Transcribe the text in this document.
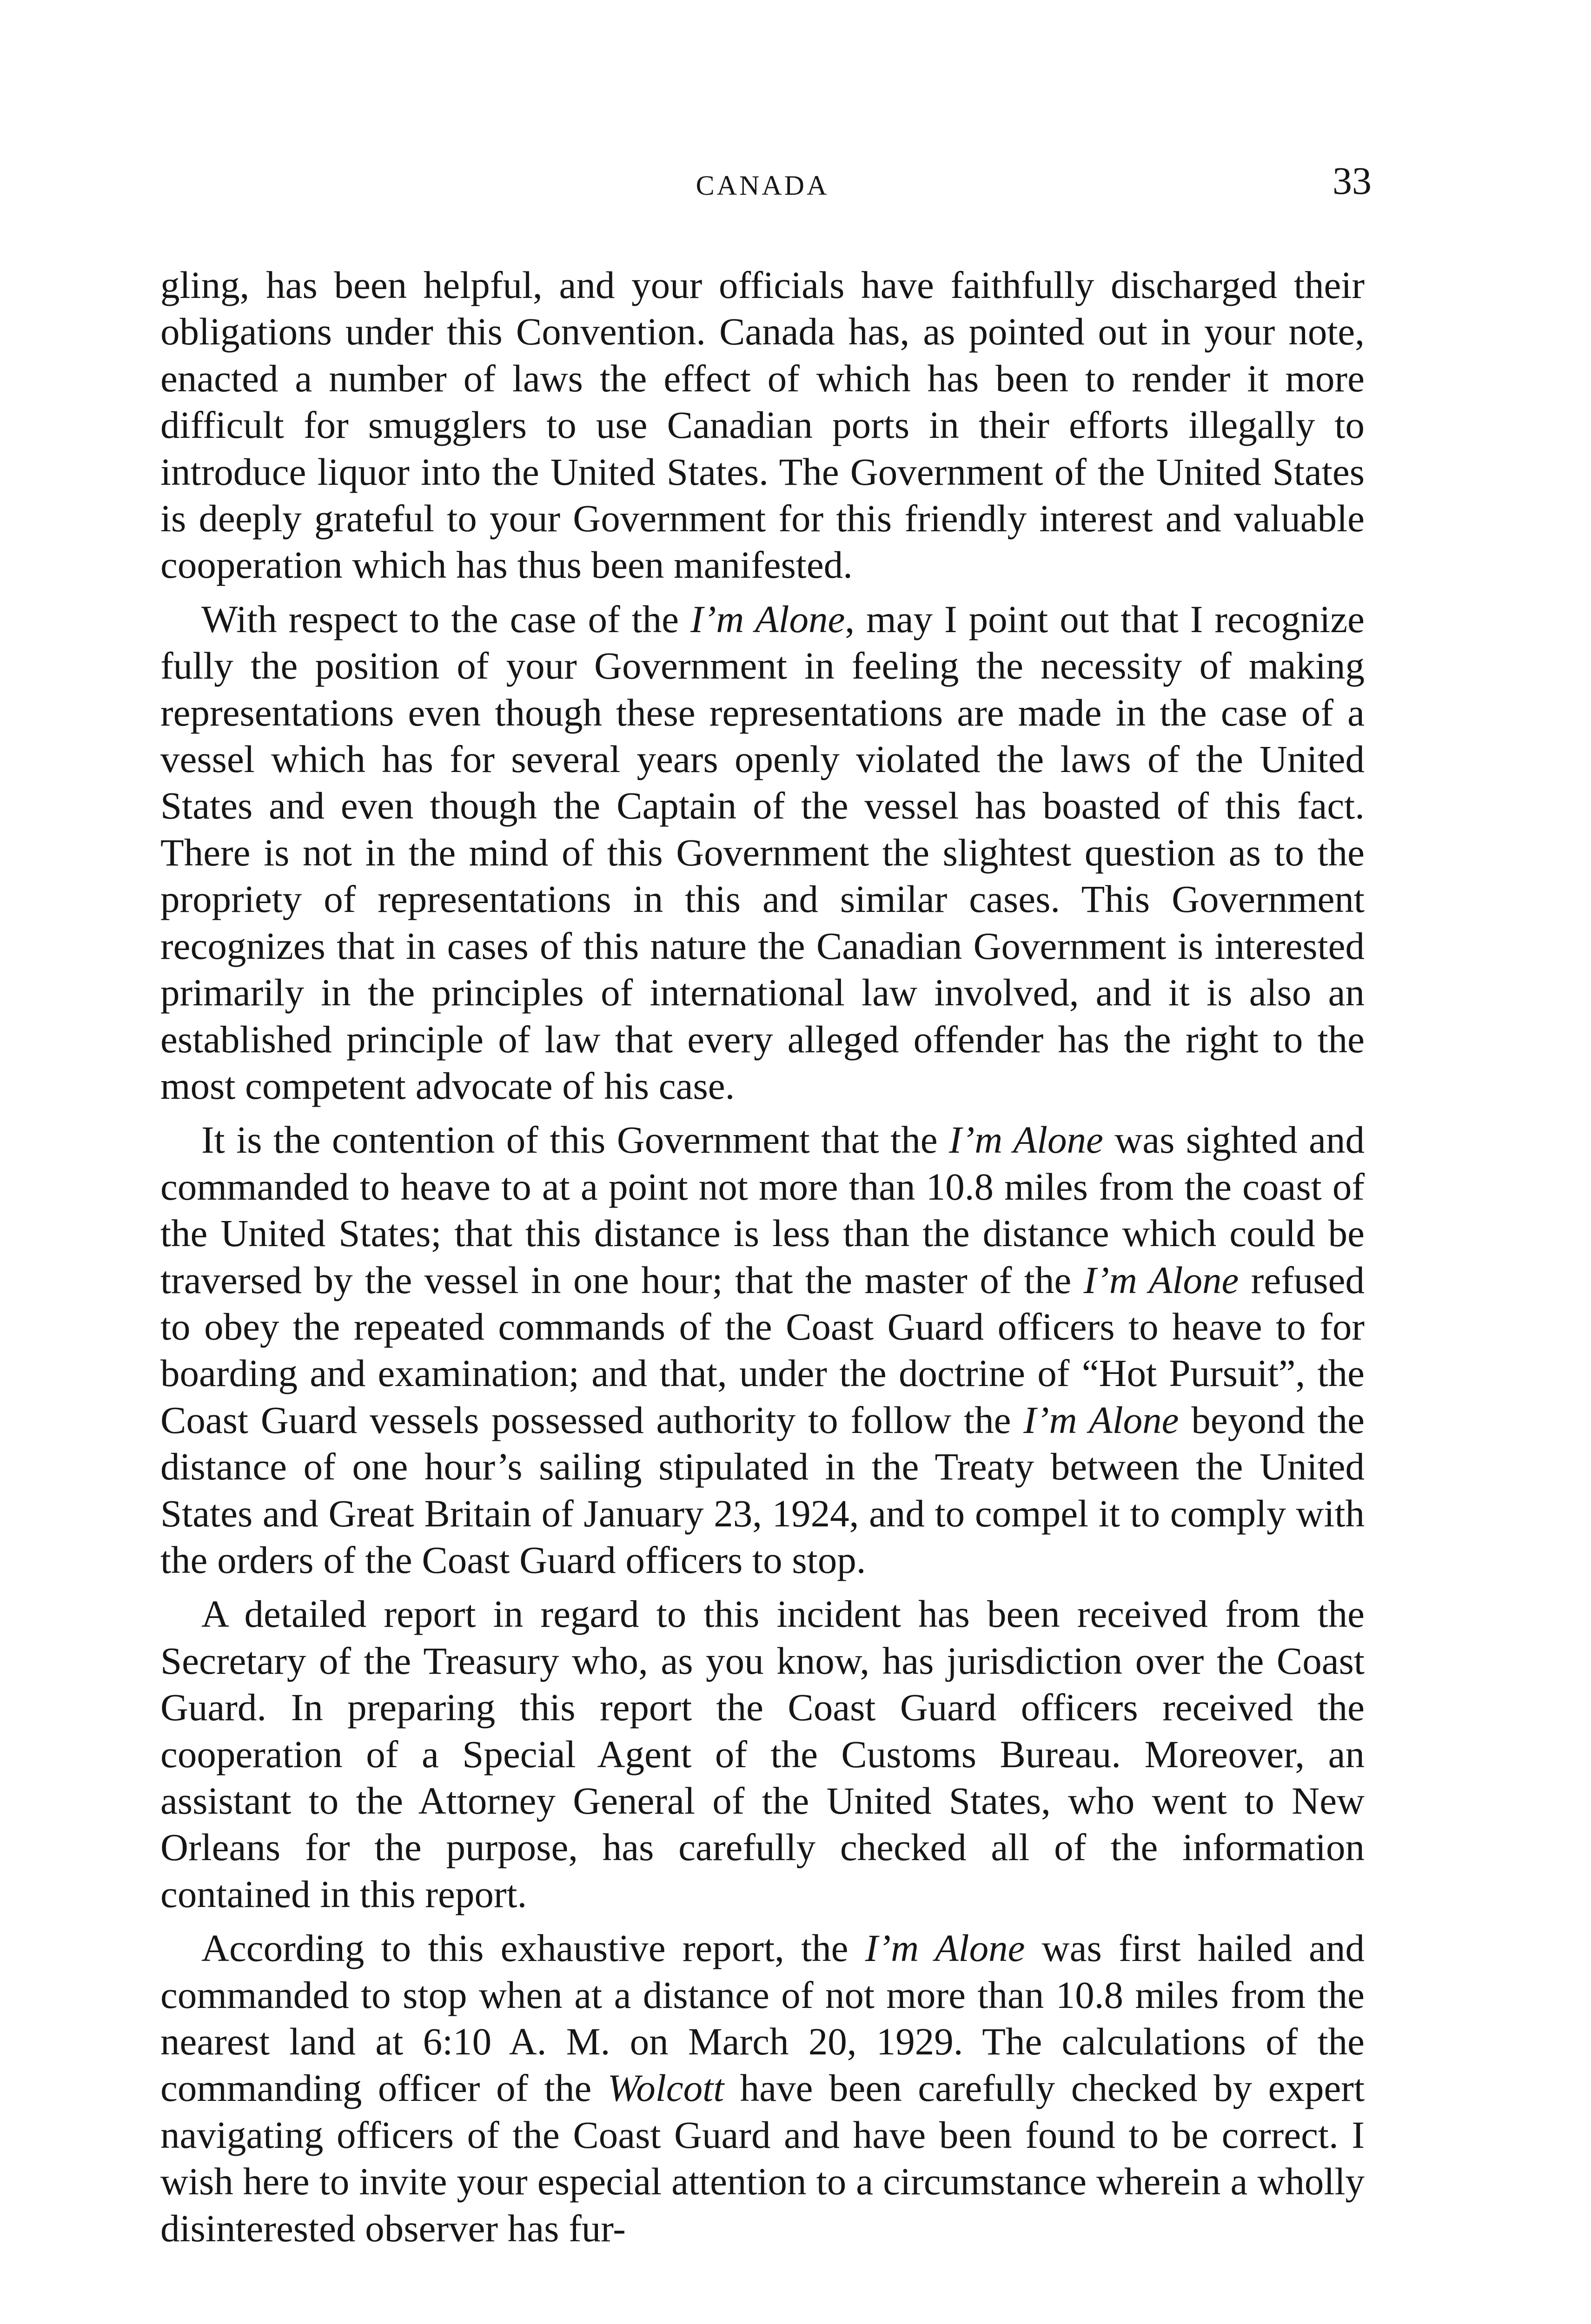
CANADA	33

gling, has been helpful, and your officials have faithfully discharged their obligations under this Convention. Canada has, as pointed out in your note, enacted a number of laws the effect of which has been to render it more difficult for smugglers to use Canadian ports in their efforts illegally to introduce liquor into the United States. The Government of the United States is deeply grateful to your Government for this friendly interest and valuable cooperation which has thus been manifested.

With respect to the case of the I’m Alone, may I point out that I recognize fully the position of your Government in feeling the necessity of making representations even though these representations are made in the case of a vessel which has for several years openly violated the laws of the United States and even though the Captain of the vessel has boasted of this fact. There is not in the mind of this Government the slightest question as to the propriety of representations in this and similar cases. This Government recognizes that in cases of this nature the Canadian Government is interested primarily in the principles of international law involved, and it is also an established principle of law that every alleged offender has the right to the most competent advocate of his case.

It is the contention of this Government that the I’m Alone was sighted and commanded to heave to at a point not more than 10.8 miles from the coast of the United States; that this distance is less than the distance which could be traversed by the vessel in one hour; that the master of the I’m Alone refused to obey the repeated commands of the Coast Guard officers to heave to for boarding and examination; and that, under the doctrine of “Hot Pursuit”, the Coast Guard vessels possessed authority to follow the I’m Alone beyond the distance of one hour’s sailing stipulated in the Treaty between the United States and Great Britain of January 23, 1924, and to compel it to comply with the orders of the Coast Guard officers to stop.

A detailed report in regard to this incident has been received from the Secretary of the Treasury who, as you know, has jurisdiction over the Coast Guard. In preparing this report the Coast Guard officers received the cooperation of a Special Agent of the Customs Bureau. Moreover, an assistant to the Attorney General of the United States, who went to New Orleans for the purpose, has carefully checked all of the information contained in this report.

According to this exhaustive report, the I’m Alone was first hailed and commanded to stop when at a distance of not more than 10.8 miles from the nearest land at 6:10 A. M. on March 20, 1929. The calculations of the commanding officer of the Wolcott have been carefully checked by expert navigating officers of the Coast Guard and have been found to be correct. I wish here to invite your especial attention to a circumstance wherein a wholly disinterested observer has fur-
